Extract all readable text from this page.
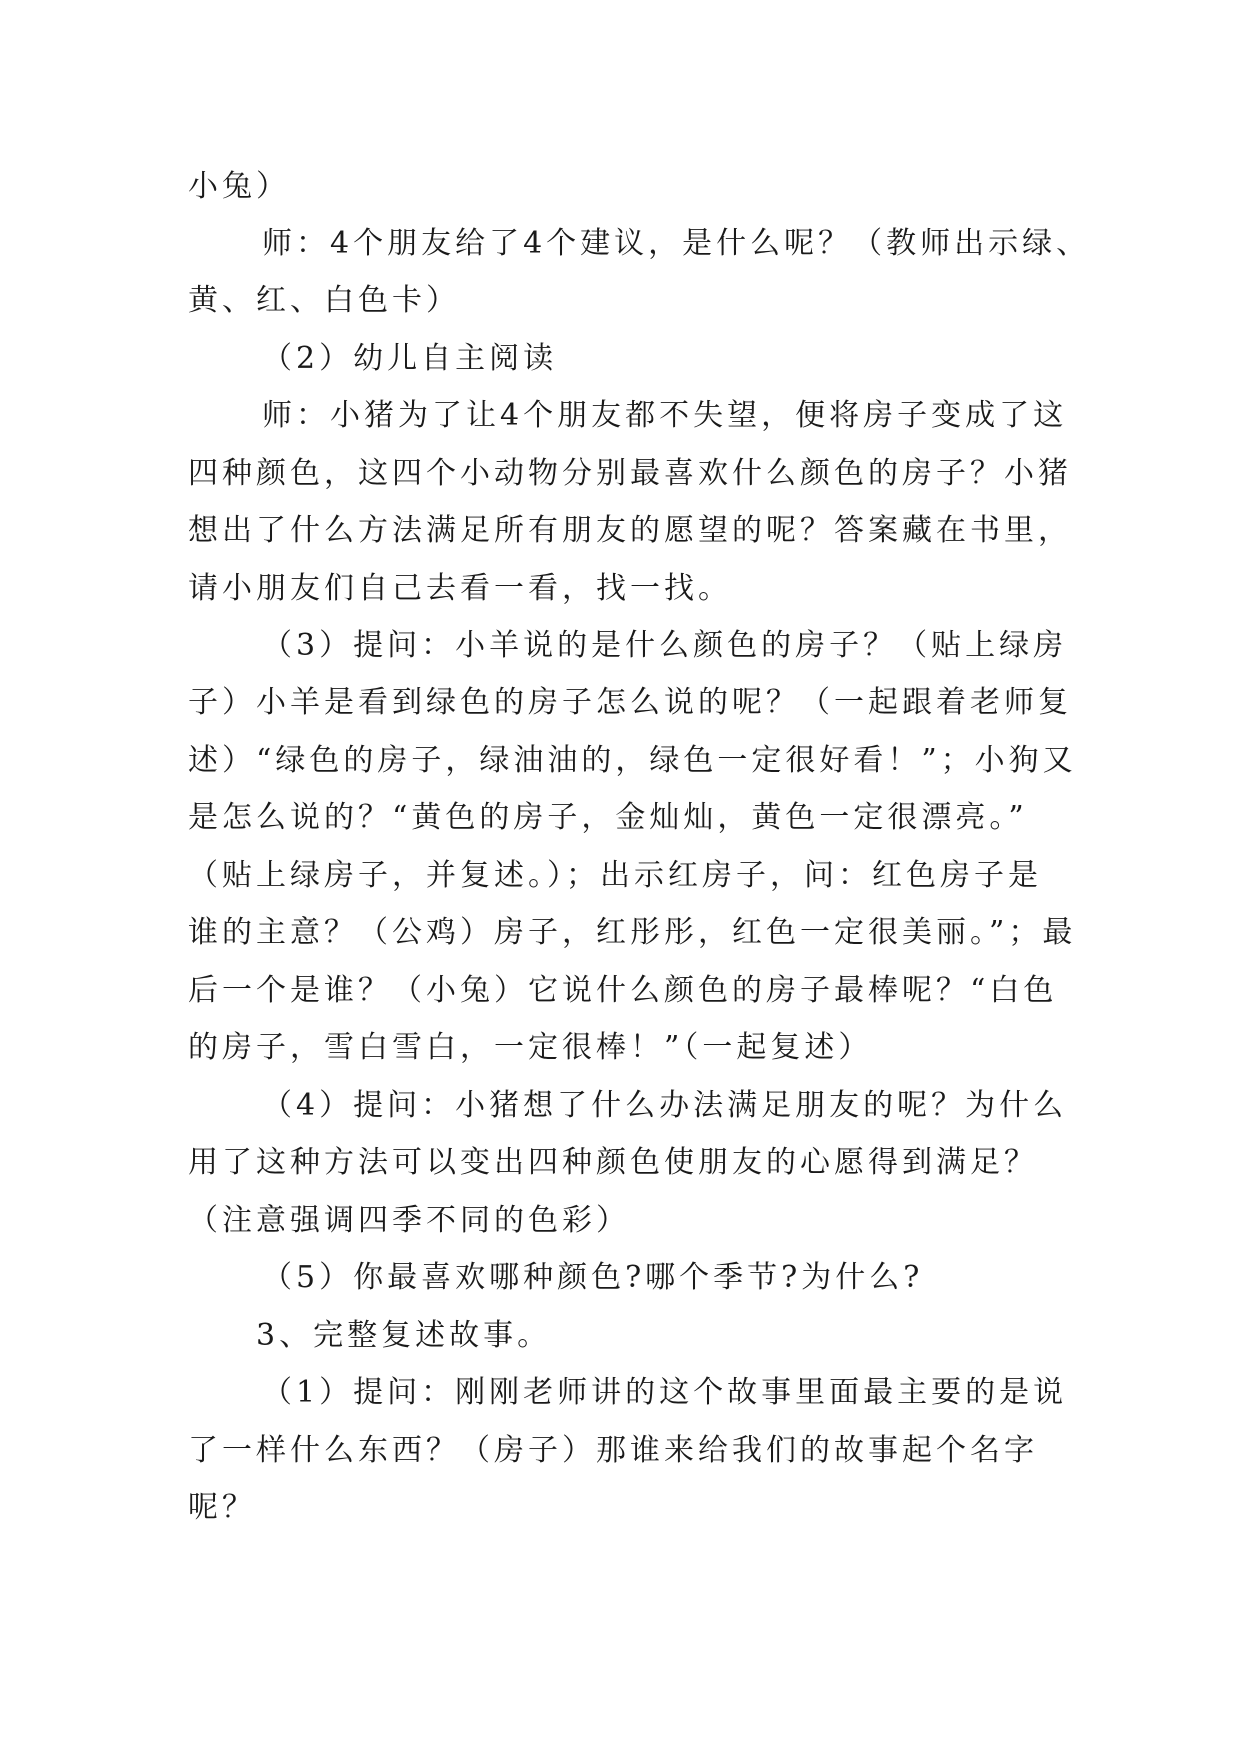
小兔）
师：4个朋友给了4个建议，是什么呢？（教师出示绿、
黄、红、白色卡）
（2）幼儿自主阅读
师：小猪为了让4个朋友都不失望，便将房子变成了这
四种颜色，这四个小动物分别最喜欢什么颜色的房子？小猪
想出了什么方法满足所有朋友的愿望的呢？答案藏在书里，
请小朋友们自己去看一看，找一找。
（3）提问：小羊说的是什么颜色的房子？（贴上绿房
子）小羊是看到绿色的房子怎么说的呢？（一起跟着老师复
述）“绿色的房子，绿油油的，绿色一定很好看！”；小狗又
是怎么说的？“黄色的房子，金灿灿，黄色一定很漂亮。”
（贴上绿房子，并复述。）；出示红房子，问：红色房子是
谁的主意？（公鸡）房子，红彤彤，红色一定很美丽。”；最
后一个是谁？（小兔）它说什么颜色的房子最棒呢？“白色
的房子，雪白雪白，一定很棒！”（一起复述）
（4）提问：小猪想了什么办法满足朋友的呢？为什么
用了这种方法可以变出四种颜色使朋友的心愿得到满足？
（注意强调四季不同的色彩）
（5）你最喜欢哪种颜色?哪个季节?为什么?
3、完整复述故事。
（1）提问：刚刚老师讲的这个故事里面最主要的是说
了一样什么东西？（房子）那谁来给我们的故事起个名字
呢？
